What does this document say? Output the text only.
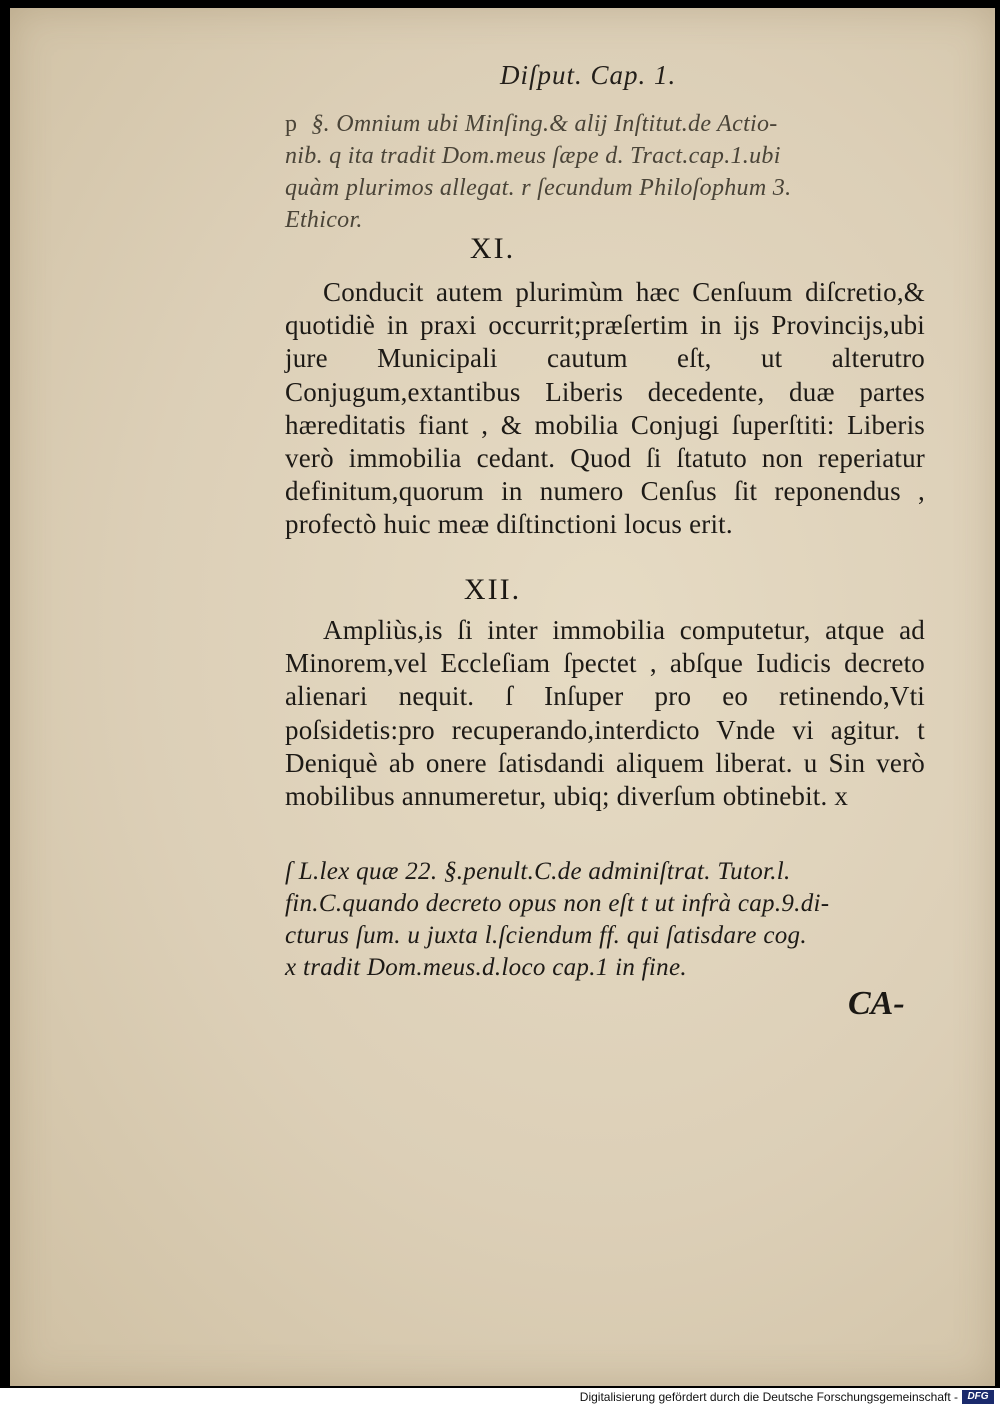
Diſput. Cap. 1.
p §. Omnium ubi Minſing.& alij Inſtitut.de Actio-
nib. q ita tradit Dom.meus ſæpe d. Tract.cap.1.ubi
quàm plurimos allegat. r ſecundum Philoſophum 3.
Ethicor.
XI.
Conducit autem plurimùm hæc Cenſuum diſcretio,& quotidiè in praxi occurrit;præſertim in ijs Provincijs,ubi jure Municipali cautum eſt, ut alterutro Conjugum,extantibus Liberis decedente, duæ partes hæreditatis fiant , & mobilia Conjugi ſuperſtiti: Liberis verò immobilia cedant. Quod ſi ſtatuto non reperiatur definitum,quorum in numero Cenſus ſit reponendus , profectò huic meæ diſtinctioni locus erit.
XII.
Ampliùs,is ſi inter immobilia computetur, atque ad Minorem,vel Eccleſiam ſpectet , abſque Iudicis decreto alienari nequit. ſ Inſuper pro eo retinendo,Vti poſsidetis:pro recuperando,interdicto Vnde vi agitur. t Deniquè ab onere ſatisdandi aliquem liberat. u Sin verò mobilibus annumeretur, ubiq; diverſum obtinebit. x
ſ L.lex quæ 22. §.penult.C.de adminiſtrat. Tutor.l.
fin.C.quando decreto opus non eſt t ut infrà cap.9.di-
cturus ſum. u juxta l.ſciendum ff. qui ſatisdare cog.
x tradit Dom.meus.d.loco cap.1 in fine.
CA-
Digitalisierung gefördert durch die Deutsche Forschungsgemeinschaft - DFG
